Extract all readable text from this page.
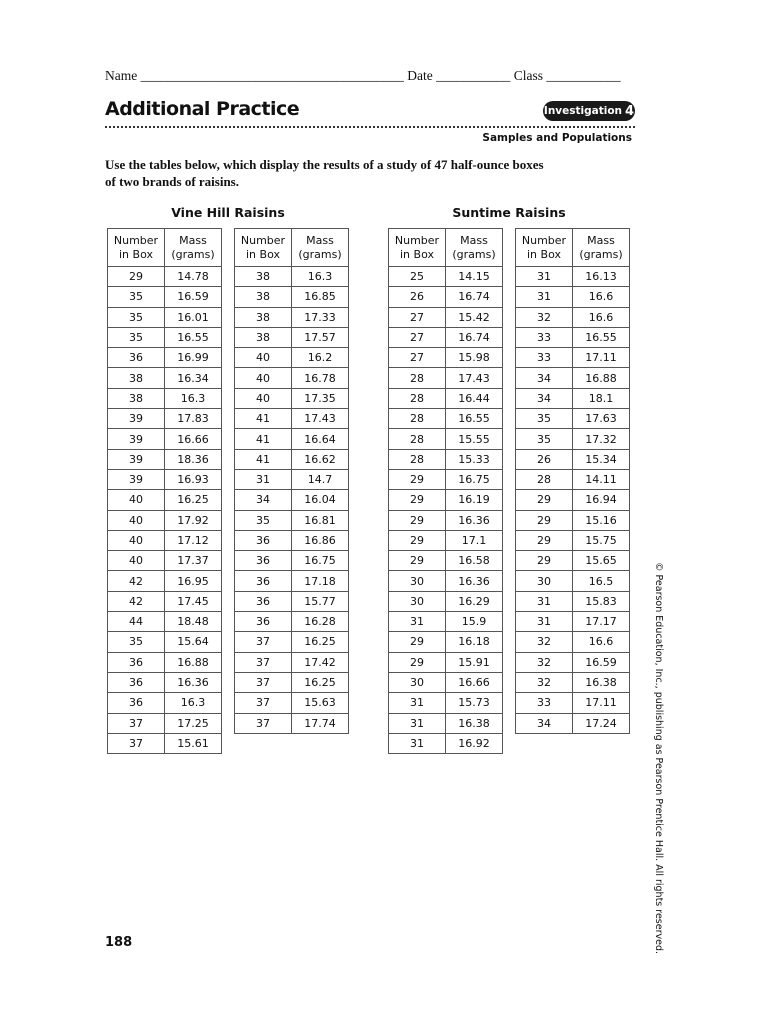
Name _______________________________________ Date ___________ Class ___________
Additional Practice	Investigation 4
Samples and Populations
Use the tables below, which display the results of a study of 47 half-ounce boxes
of two brands of raisins.
Vine Hill Raisins	Suntime Raisins
Number
in Box	Mass
(grams)
29	14.78
35	16.59
35	16.01
35	16.55
36	16.99
38	16.34
38	16.3
39	17.83
39	16.66
39	18.36
39	16.93
40	16.25
40	17.92
40	17.12
40	17.37
42	16.95
42	17.45
44	18.48
35	15.64
36	16.88
36	16.36
36	16.3
37	17.25
37	15.61
Number
in Box	Mass
(grams)
38	16.3
38	16.85
38	17.33
38	17.57
40	16.2
40	16.78
40	17.35
41	17.43
41	16.64
41	16.62
31	14.7
34	16.04
35	16.81
36	16.86
36	16.75
36	17.18
36	15.77
36	16.28
37	16.25
37	17.42
37	16.25
37	15.63
37	17.74
Number
in Box	Mass
(grams)
25	14.15
26	16.74
27	15.42
27	16.74
27	15.98
28	17.43
28	16.44
28	16.55
28	15.55
28	15.33
29	16.75
29	16.19
29	16.36
29	17.1
29	16.58
30	16.36
30	16.29
31	15.9
29	16.18
29	15.91
30	16.66
31	15.73
31	16.38
31	16.92
Number
in Box	Mass
(grams)
31	16.13
31	16.6
32	16.6
33	16.55
33	17.11
34	16.88
34	18.1
35	17.63
35	17.32
26	15.34
28	14.11
29	16.94
29	15.16
29	15.75
29	15.65
30	16.5
31	15.83
31	17.17
32	16.6
32	16.59
32	16.38
33	17.11
34	17.24	© Pearson Education, Inc., publishing as Pearson Prentice Hall. All rights reserved.
188
